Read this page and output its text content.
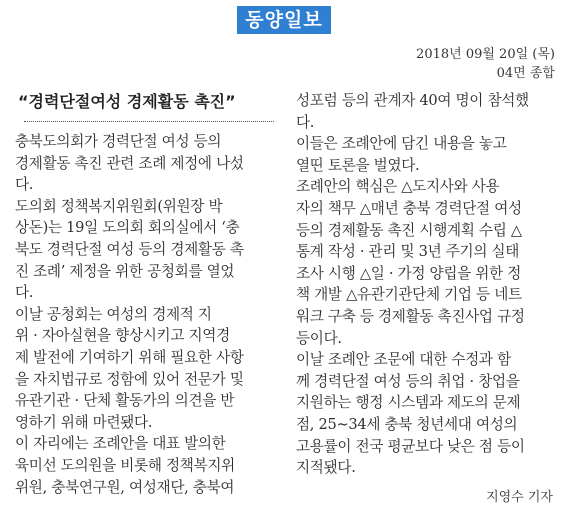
동양일보
2018년 09월 20일 (목)
04면 종합
“경력단절여성 경제활동 촉진”
충북도의회가 경력단절 여성 등의
경제활동 촉진 관련 조례 제정에 나섰
다.
도의회 정책복지위원회(위원장 박
상돈)는 19일 도의회 회의실에서 ‘충
북도 경력단절 여성 등의 경제활동 촉
진 조례’ 제정을 위한 공청회를 열었
다.
이날 공청회는 여성의 경제적 지
위 · 자아실현을 향상시키고 지역경
제 발전에 기여하기 위해 필요한 사항
을 자치법규로 정함에 있어 전문가 및
유관기관 · 단체 활동가의 의견을 반
영하기 위해 마련됐다.
이 자리에는 조례안을 대표 발의한
육미선 도의원을 비롯해 정책복지위
위원, 충북연구원, 여성재단, 충북여
성포럼 등의 관계자 40여 명이 참석했
다.
이들은 조례안에 담긴 내용을 놓고
열띤 토론을 벌였다.
조례안의 핵심은 △도지사와 사용
자의 책무 △매년 충북 경력단절 여성
등의 경제활동 촉진 시행계획 수립 △
통계 작성 · 관리 및 3년 주기의 실태
조사 시행 △일 · 가정 양립을 위한 정
책 개발 △유관기관단체 기업 등 네트
워크 구축 등 경제활동 촉진사업 규정
등이다.
이날 조례안 조문에 대한 수정과 함
께 경력단절 여성 등의 취업 · 창업을
지원하는 행정 시스템과 제도의 문제
점, 25~34세 충북 청년세대 여성의
고용률이 전국 평균보다 낮은 점 등이
지적됐다.
지영수 기자
